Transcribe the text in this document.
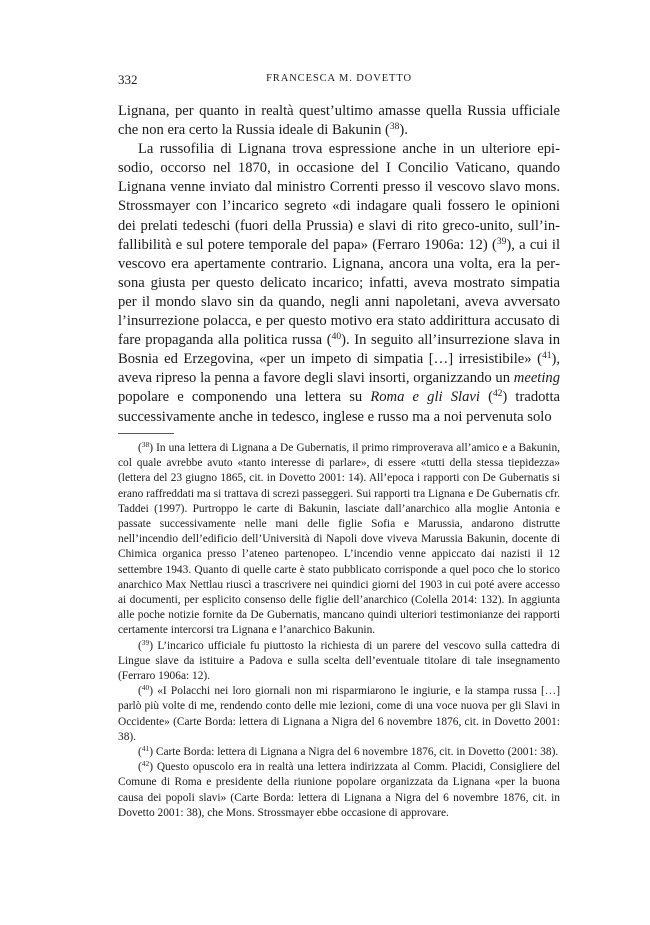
332	FRANCESCA M. DOVETTO

Lignana, per quanto in realtà quest’ultimo amasse quella Russia ufficiale che non era certo la Russia ideale di Bakunin ($^{38}$).

La russofilia di Lignana trova espressione anche in un ulteriore episodio, occorso nel 1870, in occasione del I Concilio Vaticano, quando Lignana venne inviato dal ministro Correnti presso il vescovo slavo mons. Strossmayer con l’incarico segreto «di indagare quali fossero le opinioni dei prelati tedeschi (fuori della Prussia) e slavi di rito greco-unito, sull’infallibilità e sul potere temporale del papa» (Ferraro 1906a: 12) ($^{39}$), a cui il vescovo era apertamente contrario. Lignana, ancora una volta, era la persona giusta per questo delicato incarico; infatti, aveva mostrato simpatia per il mondo slavo sin da quando, negli anni napoletani, aveva avversato l’insurrezione polacca, e per questo motivo era stato addirittura accusato di fare propaganda alla politica russa ($^{40}$). In seguito all’insurrezione slava in Bosnia ed Erzegovina, «per un impeto di simpatia […] irresistibile» ($^{41}$), aveva ripreso la penna a favore degli slavi insorti, organizzando un meeting popolare e componendo una lettera su Roma e gli Slavi ($^{42}$) tradotta successivamente anche in tedesco, inglese e russo ma a noi pervenuta solo

($^{38}$) In una lettera di Lignana a De Gubernatis, il primo rimproverava all’amico e a Bakunin, col quale avrebbe avuto «tanto interesse di parlare», di essere «tutti della stessa tiepidezza» (lettera del 23 giugno 1865, cit. in Dovetto 2001: 14). All’epoca i rapporti con De Gubernatis si erano raffreddati ma si trattava di screzi passeggeri. Sui rapporti tra Lignana e De Gubernatis cfr. Taddei (1997). Purtroppo le carte di Bakunin, lasciate dall’anarchico alla moglie Antonia e passate successivamente nelle mani delle figlie Sofia e Marussia, andarono distrutte nell’incendio dell’edificio dell’Università di Napoli dove viveva Marussia Bakunin, docente di Chimica organica presso l’ateneo partenopeo. L’incendio venne appiccato dai nazisti il 12 settembre 1943. Quanto di quelle carte è stato pubblicato corrisponde a quel poco che lo storico anarchico Max Nettlau riuscì a trascrivere nei quindici giorni del 1903 in cui poté avere accesso ai documenti, per esplicito consenso delle figlie dell’anarchico (Colella 2014: 132). In aggiunta alle poche notizie fornite da De Gubernatis, mancano quindi ulteriori testimonianze dei rapporti certamente intercorsi tra Lignana e l’anarchico Bakunin.

($^{39}$) L’incarico ufficiale fu piuttosto la richiesta di un parere del vescovo sulla cattedra di Lingue slave da istituire a Padova e sulla scelta dell’eventuale titolare di tale insegnamento (Ferraro 1906a: 12).

($^{40}$) «I Polacchi nei loro giornali non mi risparmiarono le ingiurie, e la stampa russa […] parlò più volte di me, rendendo conto delle mie lezioni, come di una voce nuova per gli Slavi in Occidente» (Carte Borda: lettera di Lignana a Nigra del 6 novembre 1876, cit. in Dovetto 2001: 38).

($^{41}$) Carte Borda: lettera di Lignana a Nigra del 6 novembre 1876, cit. in Dovetto (2001: 38).

($^{42}$) Questo opuscolo era in realtà una lettera indirizzata al Comm. Placidi, Consigliere del Comune di Roma e presidente della riunione popolare organizzata da Lignana «per la buona causa dei popoli slavi» (Carte Borda: lettera di Lignana a Nigra del 6 novembre 1876, cit. in Dovetto 2001: 38), che Mons. Strossmayer ebbe occasione di approvare.
